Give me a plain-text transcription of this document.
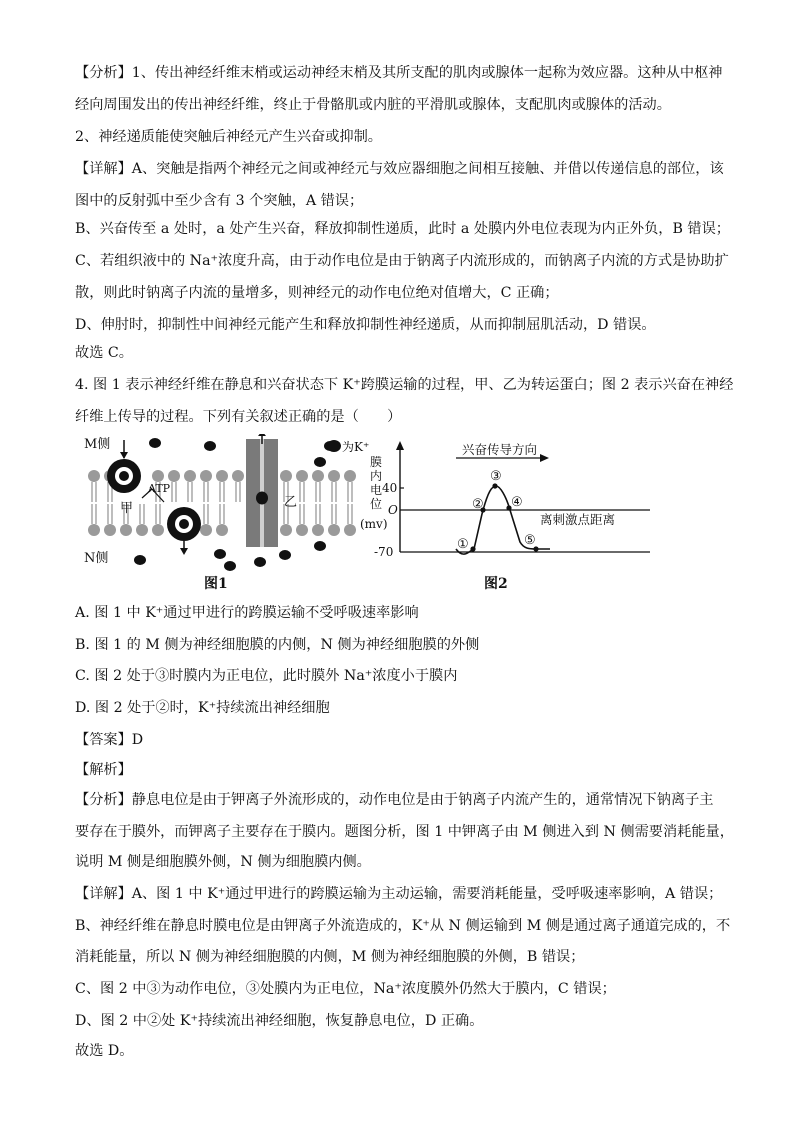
【分析】1、传出神经纤维末梢或运动神经末梢及其所支配的肌肉或腺体一起称为效应器。这种从中枢神
经向周围发出的传出神经纤维，终止于骨骼肌或内脏的平滑肌或腺体，支配肌肉或腺体的活动。
2、神经递质能使突触后神经元产生兴奋或抑制。
【详解】A、突触是指两个神经元之间或神经元与效应器细胞之间相互接触、并借以传递信息的部位，该
图中的反射弧中至少含有 3 个突触，A 错误；
B、兴奋传至 a 处时，a 处产生兴奋，释放抑制性递质，此时 a 处膜内外电位表现为内正外负，B 错误；
C、若组织液中的 Na⁺浓度升高，由于动作电位是由于钠离子内流形成的，而钠离子内流的方式是协助扩
散，则此时钠离子内流的量增多，则神经元的动作电位绝对值增大，C 正确；
D、伸肘时，抑制性中间神经元能产生和释放抑制性神经递质，从而抑制屈肌活动，D 错误。
故选 C。
4. 图 1 表示神经纤维在静息和兴奋状态下 K⁺跨膜运输的过程，甲、乙为转运蛋白；图 2 表示兴奋在神经
纤维上传导的过程。下列有关叙述正确的是（　　）
M侧
N侧
ATP
甲	乙
为K⁺
图1
膜
内
电
位
(mv)
40
O
-70
兴奋传导方向
离刺激点距离
①
②
③
④
⑤
图2
A. 图 1 中 K⁺通过甲进行的跨膜运输不受呼吸速率影响
B. 图 1 的 M 侧为神经细胞膜的内侧，N 侧为神经细胞膜的外侧
C. 图 2 处于③时膜内为正电位，此时膜外 Na⁺浓度小于膜内
D. 图 2 处于②时，K⁺持续流出神经细胞
【答案】D
【解析】
【分析】静息电位是由于钾离子外流形成的，动作电位是由于钠离子内流产生的，通常情况下钠离子主
要存在于膜外，而钾离子主要存在于膜内。题图分析，图 1 中钾离子由 M 侧进入到 N 侧需要消耗能量，
说明 M 侧是细胞膜外侧，N 侧为细胞膜内侧。
【详解】A、图 1 中 K⁺通过甲进行的跨膜运输为主动运输，需要消耗能量，受呼吸速率影响，A 错误；
B、神经纤维在静息时膜电位是由钾离子外流造成的，K⁺从 N 侧运输到 M 侧是通过离子通道完成的，不
消耗能量，所以 N 侧为神经细胞膜的内侧，M 侧为神经细胞膜的外侧，B 错误；
C、图 2 中③为动作电位，③处膜内为正电位，Na⁺浓度膜外仍然大于膜内，C 错误；
D、图 2 中②处 K⁺持续流出神经细胞，恢复静息电位，D 正确。
故选 D。
